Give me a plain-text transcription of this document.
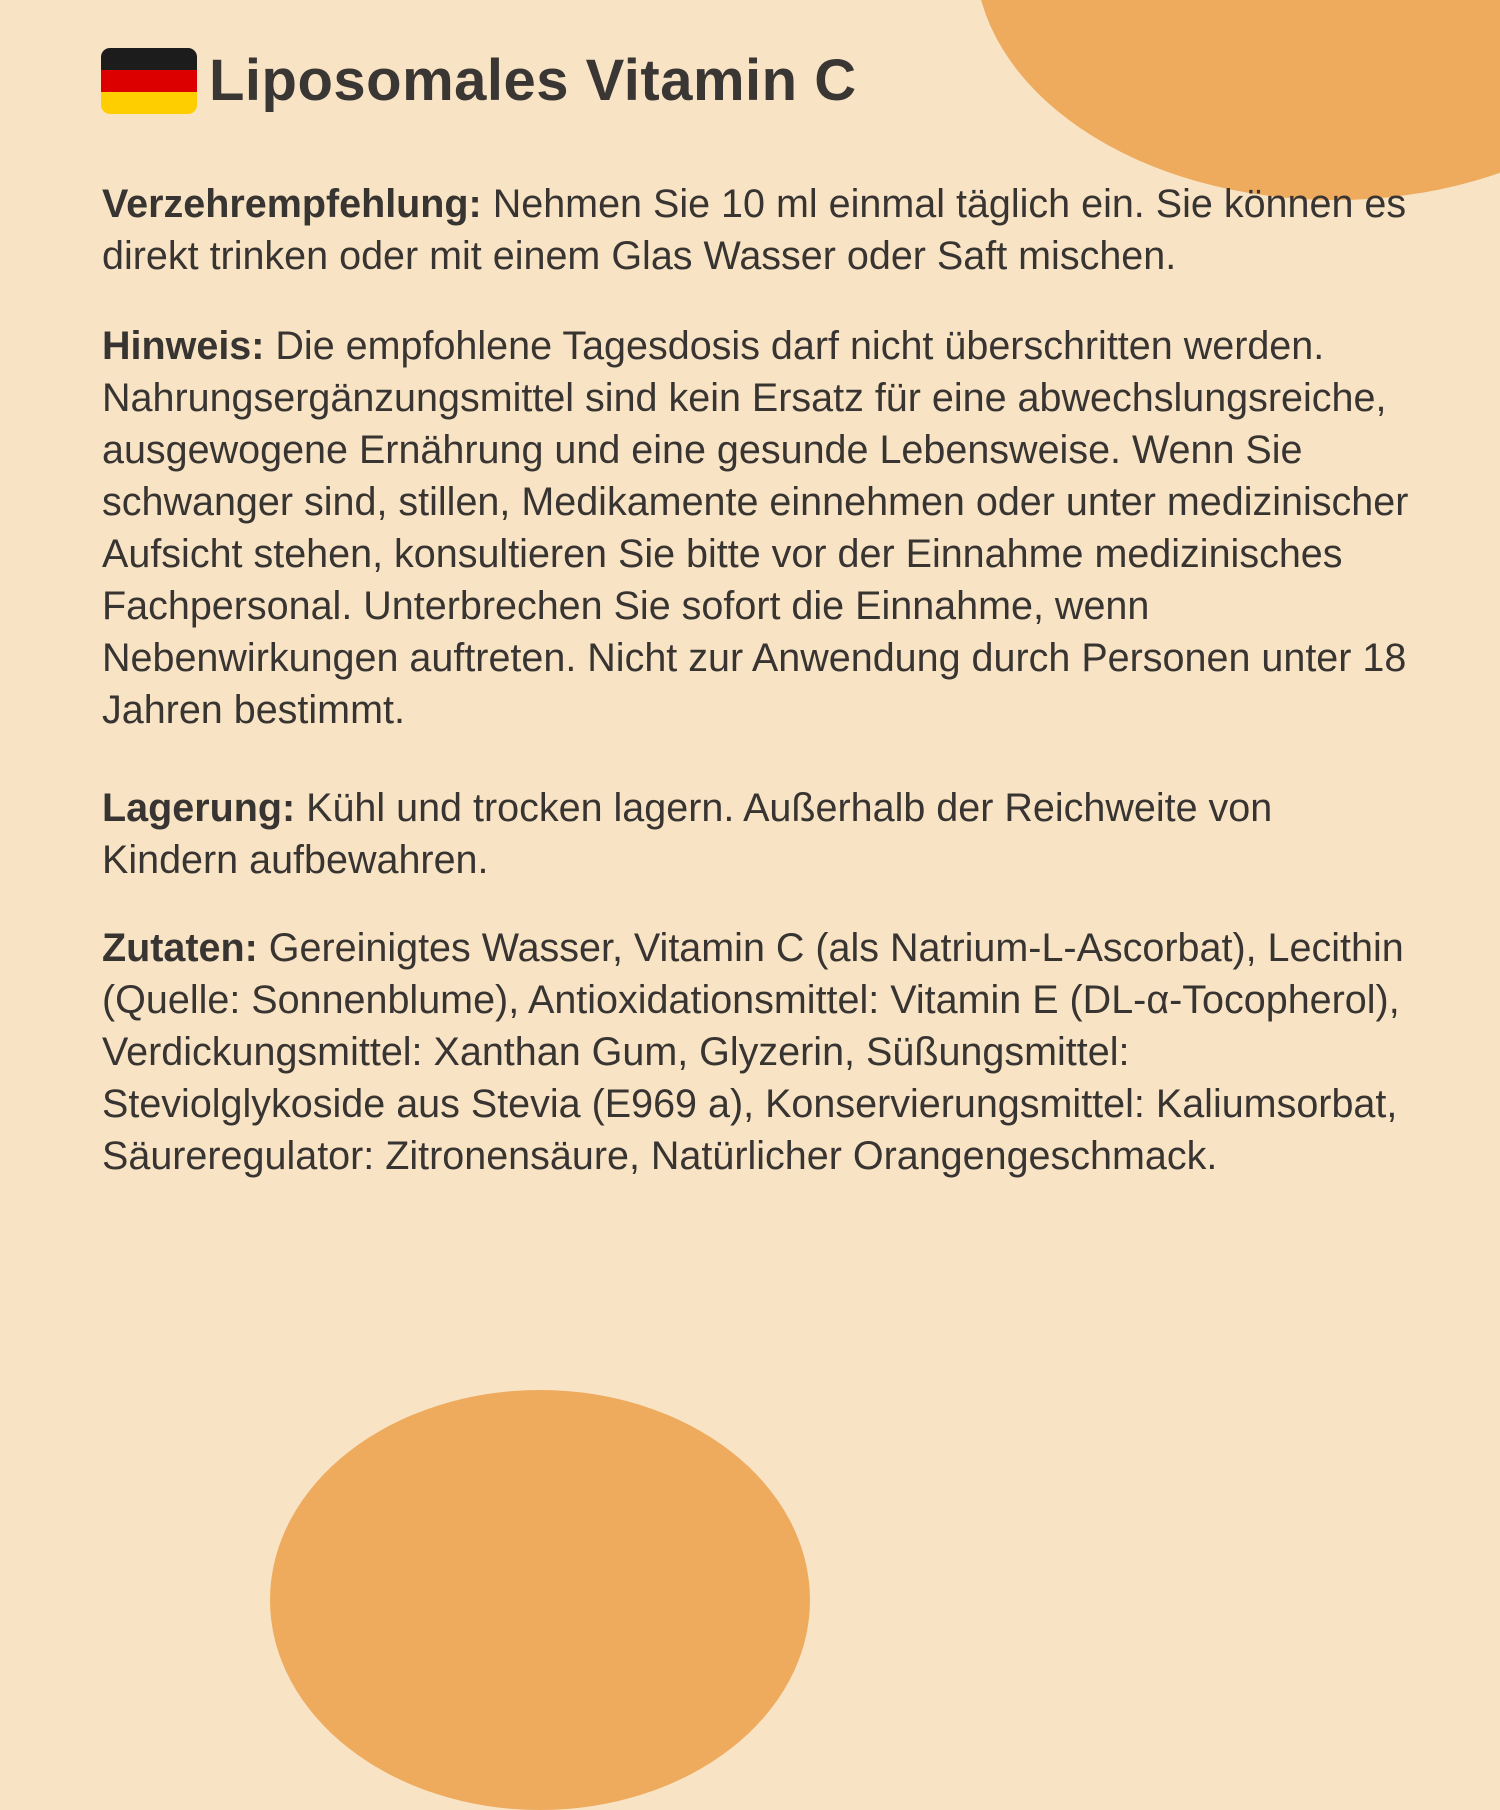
Liposomales Vitamin C

Verzehrempfehlung: Nehmen Sie 10 ml einmal täglich ein. Sie können es direkt trinken oder mit einem Glas Wasser oder Saft mischen.

Hinweis: Die empfohlene Tagesdosis darf nicht überschritten werden. Nahrungsergänzungsmittel sind kein Ersatz für eine abwechslungsreiche, ausgewogene Ernährung und eine gesunde Lebensweise. Wenn Sie schwanger sind, stillen, Medikamente einnehmen oder unter medizinischer Aufsicht stehen, konsultieren Sie bitte vor der Einnahme medizinisches Fachpersonal. Unterbrechen Sie sofort die Einnahme, wenn Nebenwirkungen auftreten. Nicht zur Anwendung durch Personen unter 18 Jahren bestimmt.

Lagerung: Kühl und trocken lagern. Außerhalb der Reichweite von Kindern aufbewahren.

Zutaten: Gereinigtes Wasser, Vitamin C (als Natrium-L-Ascorbat), Lecithin (Quelle: Sonnenblume), Antioxidationsmittel: Vitamin E (DL-α-Tocopherol), Verdickungsmittel: Xanthan Gum, Glyzerin, Süßungsmittel: Steviolglykoside aus Stevia (E969 a), Konservierungsmittel: Kaliumsorbat, Säureregulator: Zitronensäure, Natürlicher Orangengeschmack.
